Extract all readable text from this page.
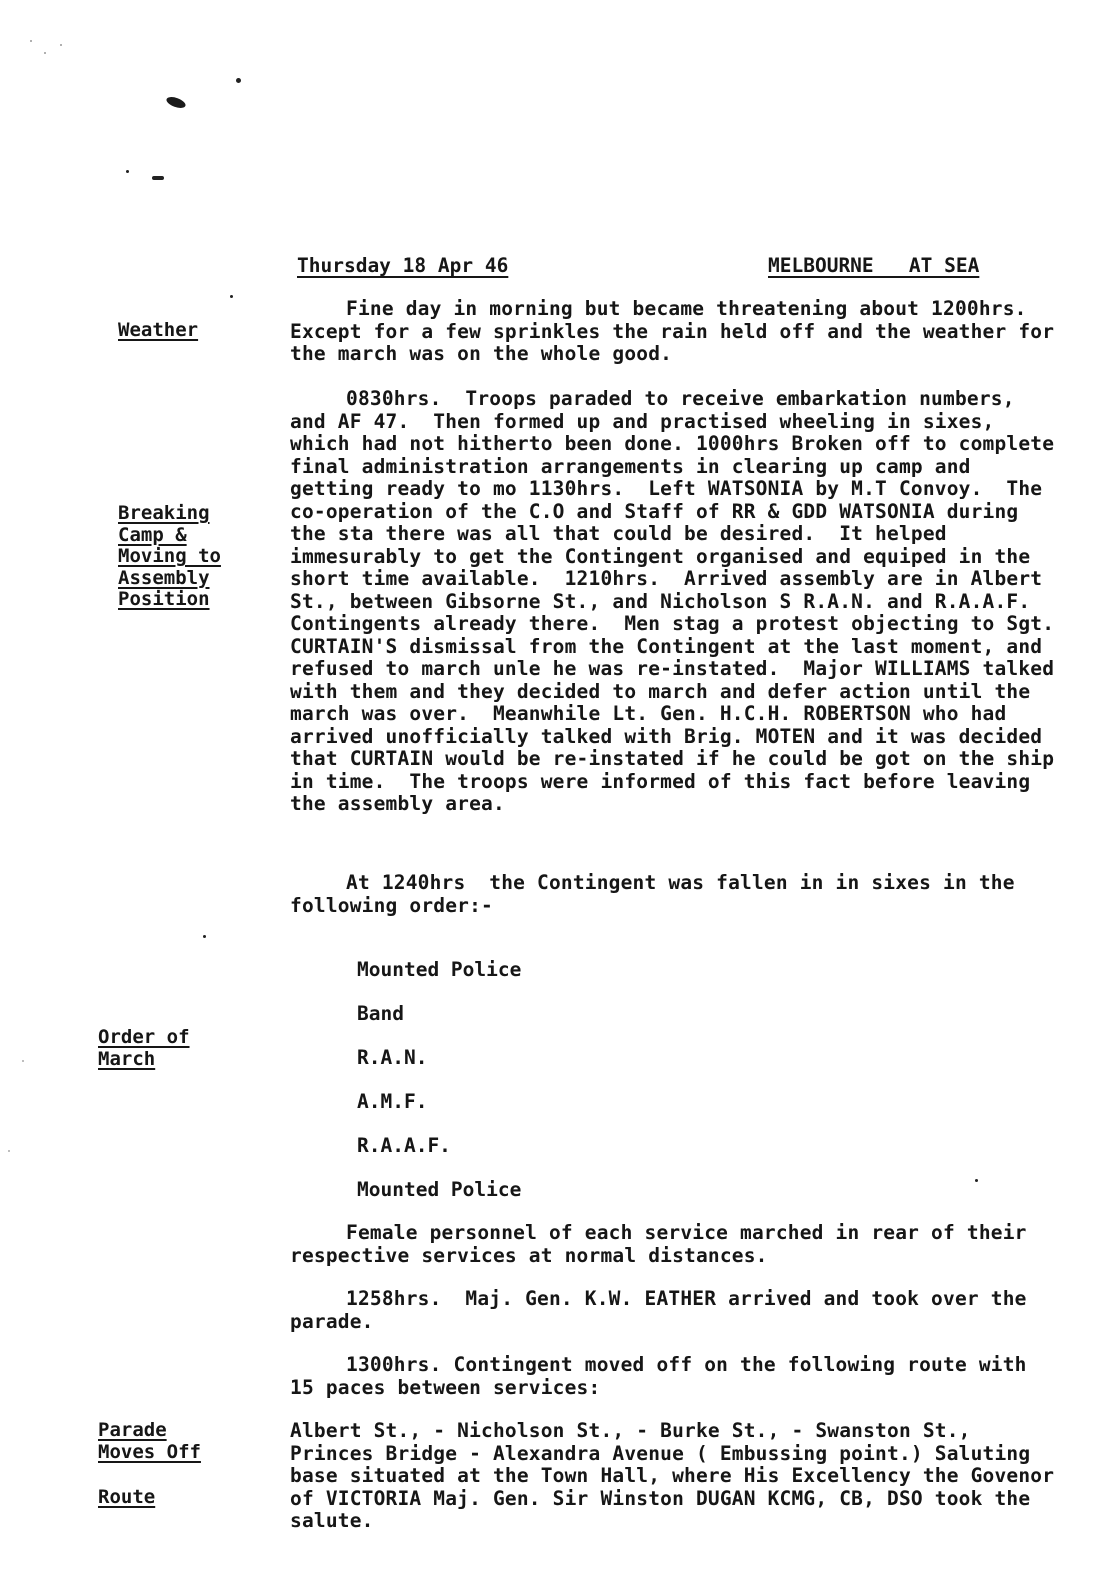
Thursday 18 Apr 46	MELBOURNE   AT SEA
Weather
Breaking
Camp &
Moving to
Assembly
Position
Order of
March
Parade
Moves Off
Route

Fine day in morning but became threatening about 1200hrs.   Except for a few sprinkles the rain held off and the weather for the march was on the whole good.

0830hrs.  Troops paraded to receive embarkation numbers, and AF 47.  Then formed up and practised wheeling in sixes, which had not hitherto been done. 1000hrs Broken off to complete final administration arrangements in clearing up camp and getting ready to mo 1130hrs.  Left WATSONIA by M.T Convoy.  The co-operation of the C.O and Staff of RR & GDD WATSONIA during the sta there was all that could be desired.  It helped immesurably to get the Contingent organised and equiped in the short time available.  1210hrs.  Arrived assembly are in Albert St., between Gibsorne St., and Nicholson S R.A.N. and R.A.A.F. Contingents already there.  Men stag a protest objecting to Sgt. CURTAIN'S dismissal from the Contingent at the last moment, and refused to march unle he was re-instated.  Major WILLIAMS talked with them and they decided to march and defer action until the march was over.  Meanwhile Lt. Gen. H.C.H. ROBERTSON who had arrived unofficially talked with Brig. MOTEN and it was decided that CURTAIN would be re-instated if he could be got on the ship in time.  The troops were informed of this fact before leaving the assembly area.

At 1240hrs  the Contingent was fallen in in sixes in the following order:-

Mounted Police
Band
R.A.N.
A.M.F.
R.A.A.F.
Mounted Police

Female personnel of each service marched in rear of their respective services at normal distances.

1258hrs.  Maj. Gen. K.W. EATHER arrived and took over the parade.

1300hrs. Contingent moved off on the following route with 15 paces between services:

Albert St., - Nicholson St., - Burke St., - Swanston St., Princes Bridge - Alexandra Avenue ( Embussing point.) Saluting base situated at the Town Hall, where His Excellency the Govenor of VICTORIA Maj. Gen. Sir Winston DUGAN KCMG, CB, DSO took the salute.
